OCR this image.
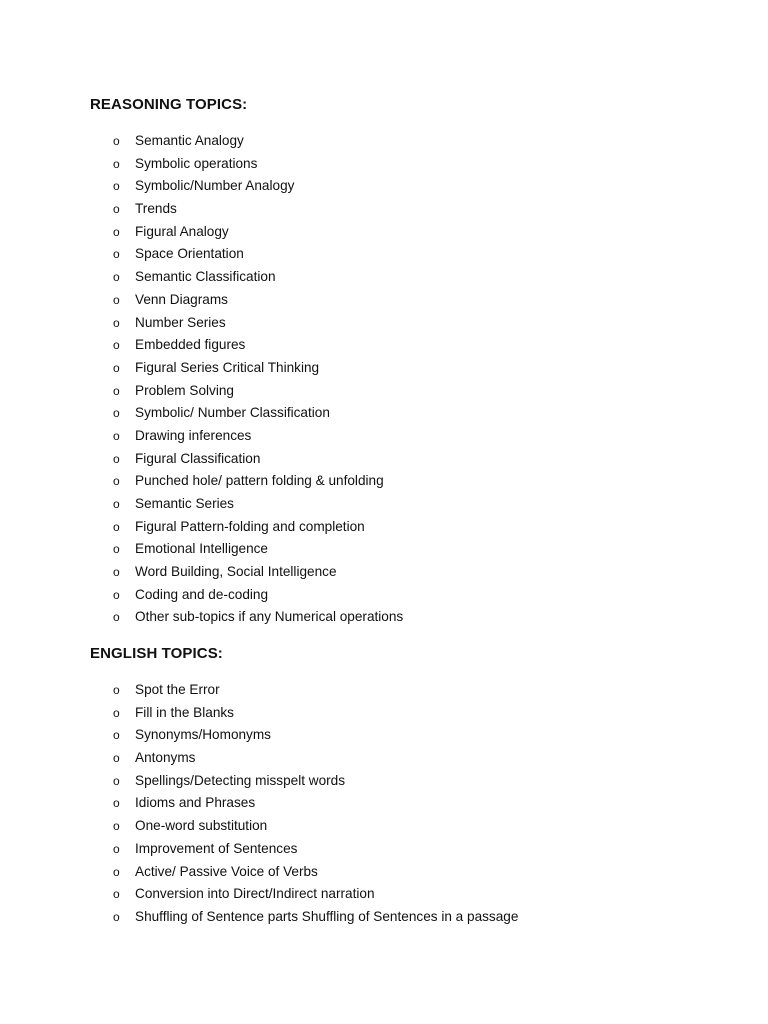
REASONING TOPICS:
o Semantic Analogy
o Symbolic operations
o Symbolic/Number Analogy
o Trends
o Figural Analogy
o Space Orientation
o Semantic Classification
o Venn Diagrams
o Number Series
o Embedded figures
o Figural Series Critical Thinking
o Problem Solving
o Symbolic/ Number Classification
o Drawing inferences
o Figural Classification
o Punched hole/ pattern folding & unfolding
o Semantic Series
o Figural Pattern-folding and completion
o Emotional Intelligence
o Word Building, Social Intelligence
o Coding and de-coding
o Other sub-topics if any Numerical operations
ENGLISH TOPICS:
o Spot the Error
o Fill in the Blanks
o Synonyms/Homonyms
o Antonyms
o Spellings/Detecting misspelt words
o Idioms and Phrases
o One-word substitution
o Improvement of Sentences
o Active/ Passive Voice of Verbs
o Conversion into Direct/Indirect narration
o Shuffling of Sentence parts Shuffling of Sentences in a passage
